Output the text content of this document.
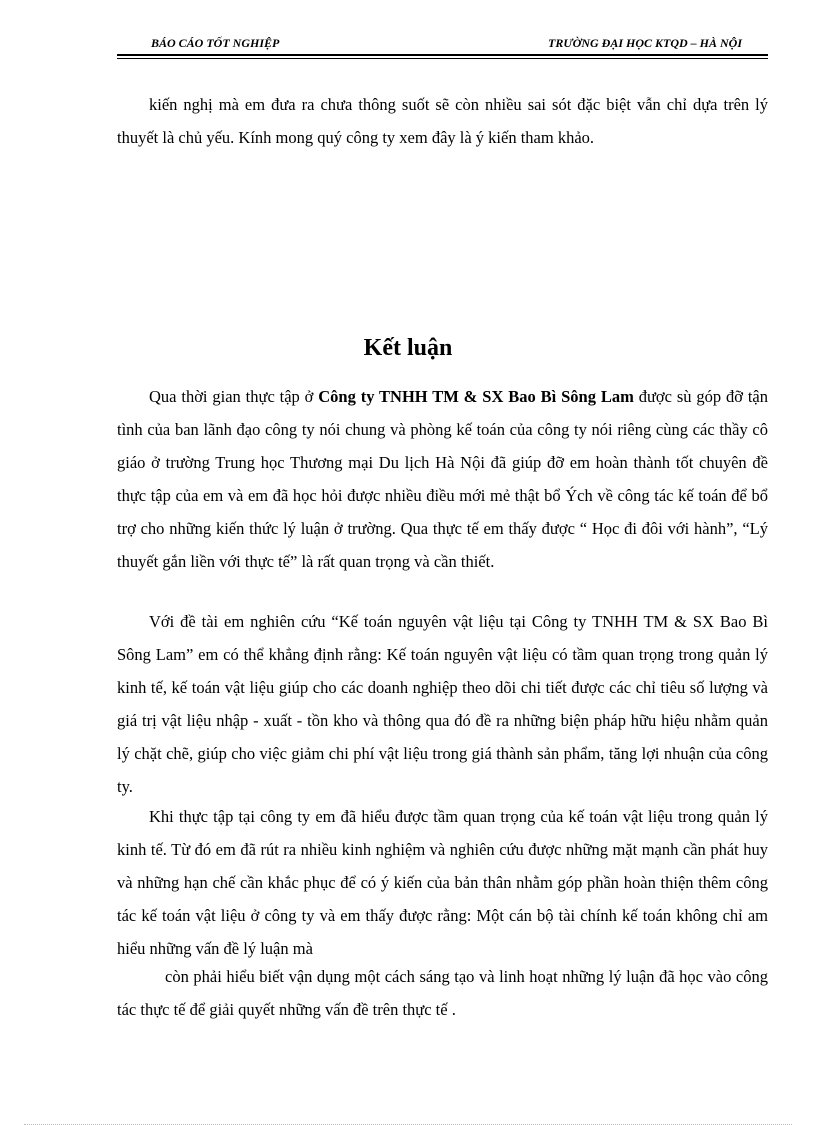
BÁO CÁO TỐT NGHIỆP	TRƯỜNG ĐẠI HỌC KTQD – HÀ NỘI
kiến nghị mà em đưa ra chưa thông suốt sẽ còn nhiều sai sót đặc biệt vẫn chỉ dựa trên lý thuyết là chủ yếu. Kính mong quý công ty xem đây là ý kiến tham khảo.
Kết luận
Qua thời gian thực tập ở Công ty TNHH TM & SX Bao Bì Sông Lam được sù góp đỡ tận tình của ban lãnh đạo công ty nói chung và phòng kế toán của công ty nói riêng cùng các thầy cô giáo ở trường Trung học Thương mại Du lịch Hà Nội đã giúp đỡ em hoàn thành tốt chuyên đề thực tập của em và em đã học hỏi được nhiều điều mới mẻ thật bổ Ých về công tác kế toán để bổ trợ cho những kiến thức lý luận ở trường. Qua thực tế em thấy được “ Học đi đôi với hành”, “Lý thuyết gắn liền với thực tế” là rất quan trọng và cần thiết.
Với đề tài em nghiên cứu “Kế toán nguyên vật liệu tại Công ty TNHH TM & SX Bao Bì Sông Lam” em có thể khẳng định rằng: Kế toán nguyên vật liệu có tầm quan trọng trong quản lý kinh tế, kế toán vật liệu giúp cho các doanh nghiệp theo dõi chi tiết được các chỉ tiêu số lượng và giá trị vật liệu nhập - xuất - tồn kho và thông qua đó đề ra những biện pháp hữu hiệu nhằm quản lý chặt chẽ, giúp cho việc giảm chi phí vật liệu trong giá thành sản phẩm, tăng lợi nhuận của công ty.
Khi thực tập tại công ty em đã hiểu được tầm quan trọng của kế toán vật liệu trong quản lý kinh tế. Từ đó em đã rút ra nhiều kinh nghiệm và nghiên cứu được những mặt mạnh cần phát huy và những hạn chế cần khắc phục để có ý kiến của bản thân nhằm góp phần hoàn thiện thêm công tác kế toán vật liệu ở công ty và em thấy được rằng: Một cán bộ tài chính kế toán không chỉ am hiểu những vấn đề lý luận mà
còn phải hiểu biết vận dụng một cách sáng tạo và linh hoạt những lý luận đã học vào công tác thực tế để giải quyết những vấn đề trên thực tế .
